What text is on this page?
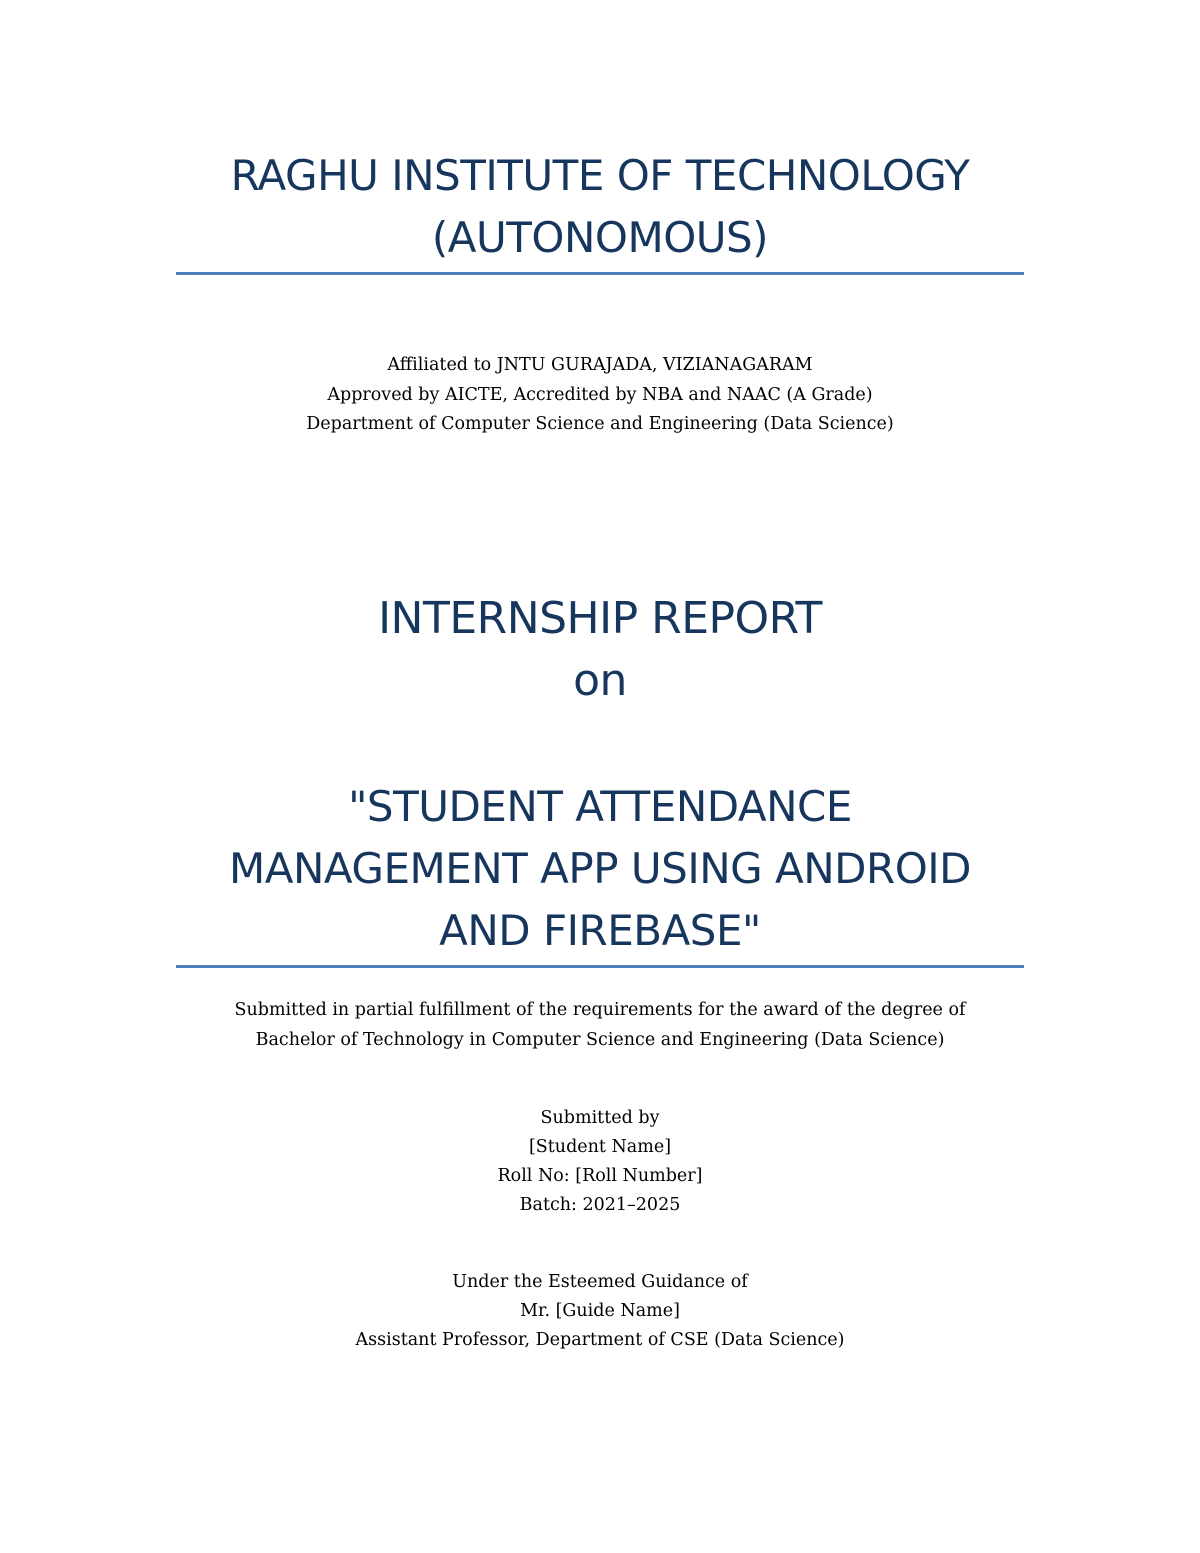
RAGHU INSTITUTE OF TECHNOLOGY
(AUTONOMOUS)

Affiliated to JNTU GURAJADA, VIZIANAGARAM

Approved by AICTE, Accredited by NBA and NAAC (A Grade)

Department of Computer Science and Engineering (Data Science)

INTERNSHIP REPORT
on
"STUDENT ATTENDANCE
MANAGEMENT APP USING ANDROID
AND FIREBASE"

Submitted in partial fulfillment of the requirements for the award of the degree of

Bachelor of Technology in Computer Science and Engineering (Data Science)

Submitted by

[Student Name]

Roll No: [Roll Number]

Batch: 2021–2025

Under the Esteemed Guidance of

Mr. [Guide Name]

Assistant Professor, Department of CSE (Data Science)
